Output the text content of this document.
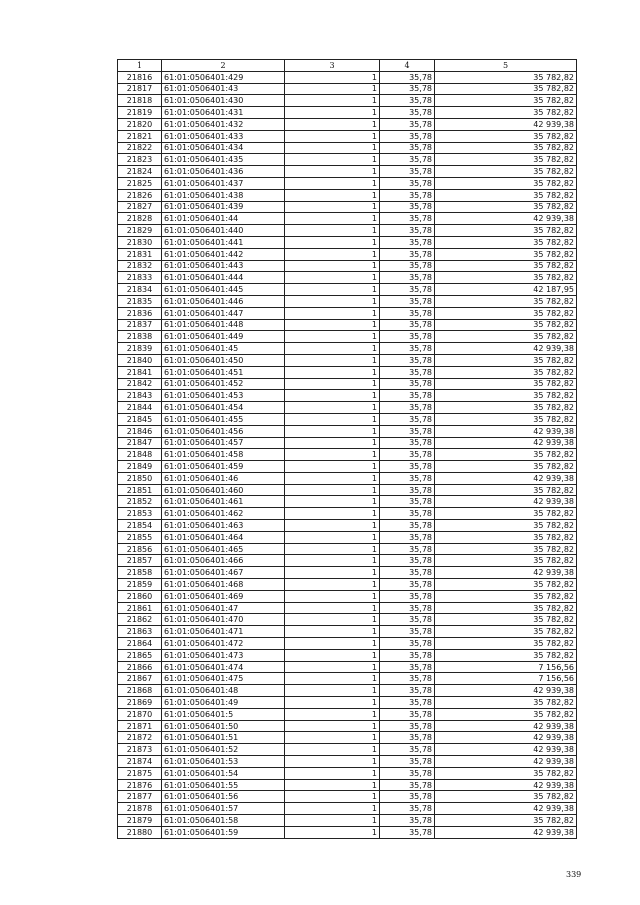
1	2	3	4	5
21816	61:01:0506401:429	1	35,78	35 782,82
21817	61:01:0506401:43	1	35,78	35 782,82
21818	61:01:0506401:430	1	35,78	35 782,82
21819	61:01:0506401:431	1	35,78	35 782,82
21820	61:01:0506401:432	1	35,78	42 939,38
21821	61:01:0506401:433	1	35,78	35 782,82
21822	61:01:0506401:434	1	35,78	35 782,82
21823	61:01:0506401:435	1	35,78	35 782,82
21824	61:01:0506401:436	1	35,78	35 782,82
21825	61:01:0506401:437	1	35,78	35 782,82
21826	61:01:0506401:438	1	35,78	35 782,82
21827	61:01:0506401:439	1	35,78	35 782,82
21828	61:01:0506401:44	1	35,78	42 939,38
21829	61:01:0506401:440	1	35,78	35 782,82
21830	61:01:0506401:441	1	35,78	35 782,82
21831	61:01:0506401:442	1	35,78	35 782,82
21832	61:01:0506401:443	1	35,78	35 782,82
21833	61:01:0506401:444	1	35,78	35 782,82
21834	61:01:0506401:445	1	35,78	42 187,95
21835	61:01:0506401:446	1	35,78	35 782,82
21836	61:01:0506401:447	1	35,78	35 782,82
21837	61:01:0506401:448	1	35,78	35 782,82
21838	61:01:0506401:449	1	35,78	35 782,82
21839	61:01:0506401:45	1	35,78	42 939,38
21840	61:01:0506401:450	1	35,78	35 782,82
21841	61:01:0506401:451	1	35,78	35 782,82
21842	61:01:0506401:452	1	35,78	35 782,82
21843	61:01:0506401:453	1	35,78	35 782,82
21844	61:01:0506401:454	1	35,78	35 782,82
21845	61:01:0506401:455	1	35,78	35 782,82
21846	61:01:0506401:456	1	35,78	42 939,38
21847	61:01:0506401:457	1	35,78	42 939,38
21848	61:01:0506401:458	1	35,78	35 782,82
21849	61:01:0506401:459	1	35,78	35 782,82
21850	61:01:0506401:46	1	35,78	42 939,38
21851	61:01:0506401:460	1	35,78	35 782,82
21852	61:01:0506401:461	1	35,78	42 939,38
21853	61:01:0506401:462	1	35,78	35 782,82
21854	61:01:0506401:463	1	35,78	35 782,82
21855	61:01:0506401:464	1	35,78	35 782,82
21856	61:01:0506401:465	1	35,78	35 782,82
21857	61:01:0506401:466	1	35,78	35 782,82
21858	61:01:0506401:467	1	35,78	42 939,38
21859	61:01:0506401:468	1	35,78	35 782,82
21860	61:01:0506401:469	1	35,78	35 782,82
21861	61:01:0506401:47	1	35,78	35 782,82
21862	61:01:0506401:470	1	35,78	35 782,82
21863	61:01:0506401:471	1	35,78	35 782,82
21864	61:01:0506401:472	1	35,78	35 782,82
21865	61:01:0506401:473	1	35,78	35 782,82
21866	61:01:0506401:474	1	35,78	7 156,56
21867	61:01:0506401:475	1	35,78	7 156,56
21868	61:01:0506401:48	1	35,78	42 939,38
21869	61:01:0506401:49	1	35,78	35 782,82
21870	61:01:0506401:5	1	35,78	35 782,82
21871	61:01:0506401:50	1	35,78	42 939,38
21872	61:01:0506401:51	1	35,78	42 939,38
21873	61:01:0506401:52	1	35,78	42 939,38
21874	61:01:0506401:53	1	35,78	42 939,38
21875	61:01:0506401:54	1	35,78	35 782,82
21876	61:01:0506401:55	1	35,78	42 939,38
21877	61:01:0506401:56	1	35,78	35 782,82
21878	61:01:0506401:57	1	35,78	42 939,38
21879	61:01:0506401:58	1	35,78	35 782,82
21880	61:01:0506401:59	1	35,78	42 939,38
339
